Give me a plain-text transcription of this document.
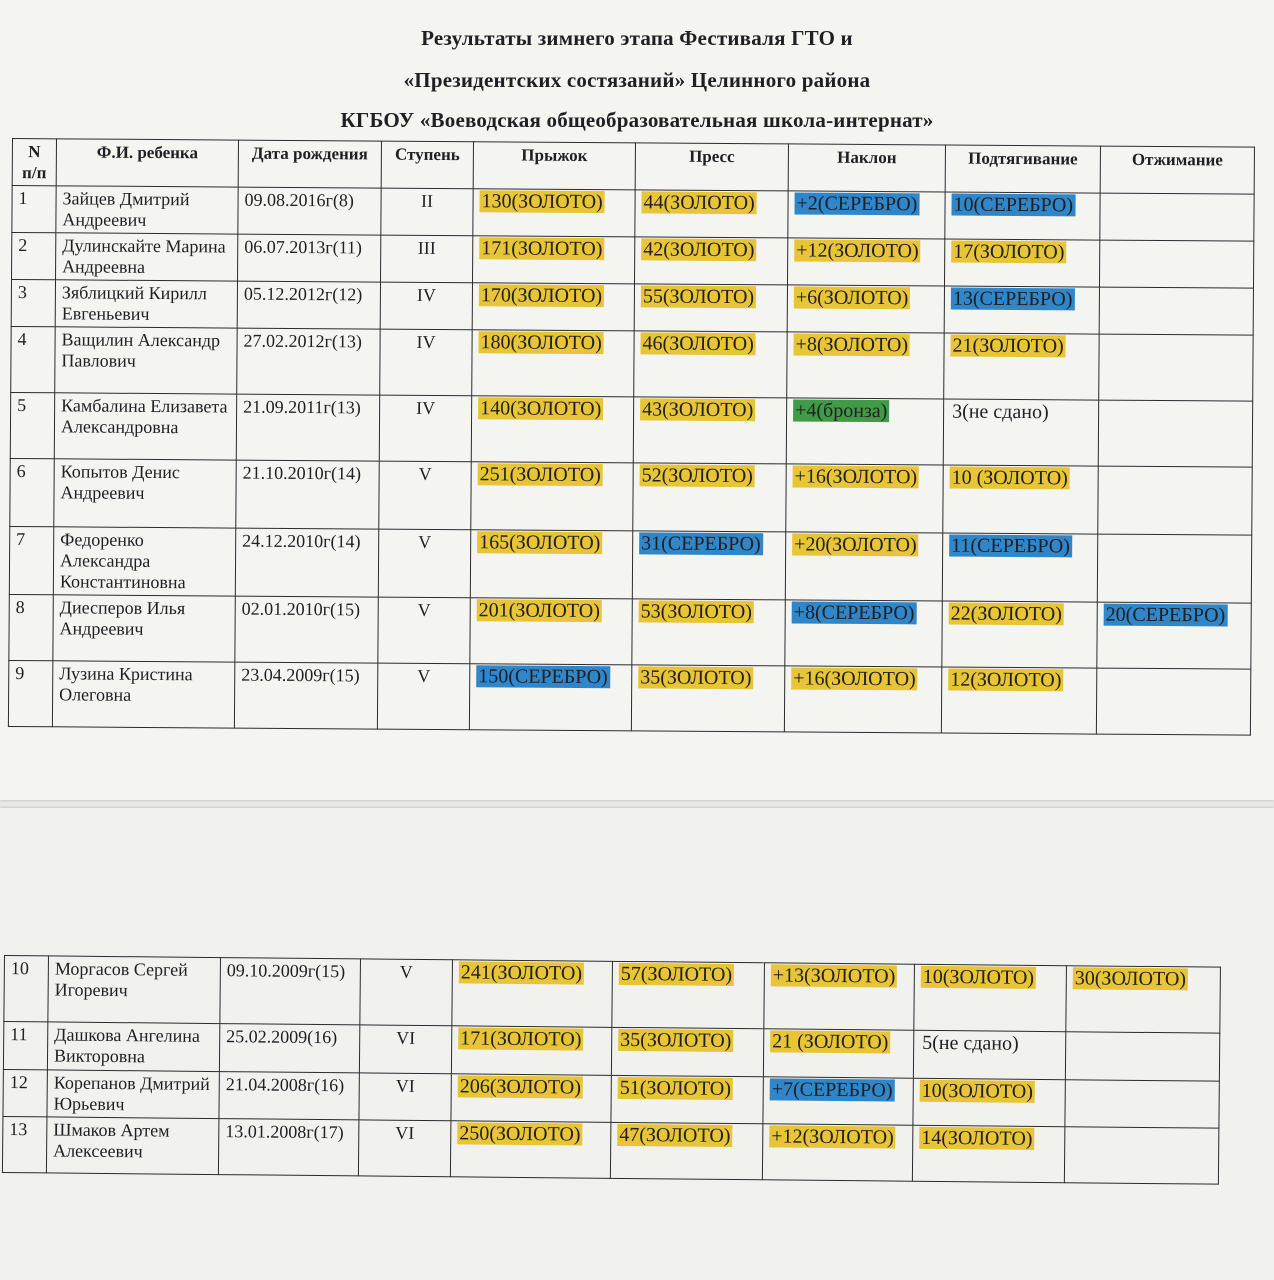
Результаты зимнего этапа Фестиваля ГТО и
«Президентских состязаний» Целинного района
КГБОУ «Воеводская общеобразовательная школа-интернат»
N п/п	Ф.И. ребенка	Дата рождения	Ступень	Прыжок	Пресс	Наклон	Подтягивание	Отжимание
1	Зайцев Дмитрий Андреевич	09.08.2016г(8)	II	130(ЗОЛОТО)	44(ЗОЛОТО)	+2(СЕРЕБРО)	10(СЕРЕБРО)	
2	Дулинскайте Марина Андреевна	06.07.2013г(11)	III	171(ЗОЛОТО)	42(ЗОЛОТО)	+12(ЗОЛОТО)	17(ЗОЛОТО)	
3	Зяблицкий Кирилл Евгеньевич	05.12.2012г(12)	IV	170(ЗОЛОТО)	55(ЗОЛОТО)	+6(ЗОЛОТО)	13(СЕРЕБРО)	
4	Ващилин Александр Павлович	27.02.2012г(13)	IV	180(ЗОЛОТО)	46(ЗОЛОТО)	+8(ЗОЛОТО)	21(ЗОЛОТО)	
5	Камбалина Елизавета Александровна	21.09.2011г(13)	IV	140(ЗОЛОТО)	43(ЗОЛОТО)	+4(бронза)	3(не сдано)	
6	Копытов Денис Андреевич	21.10.2010г(14)	V	251(ЗОЛОТО)	52(ЗОЛОТО)	+16(ЗОЛОТО)	10 (ЗОЛОТО)	
7	Федоренко Александра Константиновна	24.12.2010г(14)	V	165(ЗОЛОТО)	31(СЕРЕБРО)	+20(ЗОЛОТО)	11(СЕРЕБРО)	
8	Диесперов Илья Андреевич	02.01.2010г(15)	V	201(ЗОЛОТО)	53(ЗОЛОТО)	+8(СЕРЕБРО)	22(ЗОЛОТО)	20(СЕРЕБРО)
9	Лузина Кристина Олеговна	23.04.2009г(15)	V	150(СЕРЕБРО)	35(ЗОЛОТО)	+16(ЗОЛОТО)	12(ЗОЛОТО)	
10	Моргасов Сергей Игоревич	09.10.2009г(15)	V	241(ЗОЛОТО)	57(ЗОЛОТО)	+13(ЗОЛОТО)	10(ЗОЛОТО)	30(ЗОЛОТО)
11	Дашкова Ангелина Викторовна	25.02.2009(16)	VI	171(ЗОЛОТО)	35(ЗОЛОТО)	21 (ЗОЛОТО)	5(не сдано)	
12	Корепанов Дмитрий Юрьевич	21.04.2008г(16)	VI	206(ЗОЛОТО)	51(ЗОЛОТО)	+7(СЕРЕБРО)	10(ЗОЛОТО)	
13	Шмаков Артем Алексеевич	13.01.2008г(17)	VI	250(ЗОЛОТО)	47(ЗОЛОТО)	+12(ЗОЛОТО)	14(ЗОЛОТО)	
